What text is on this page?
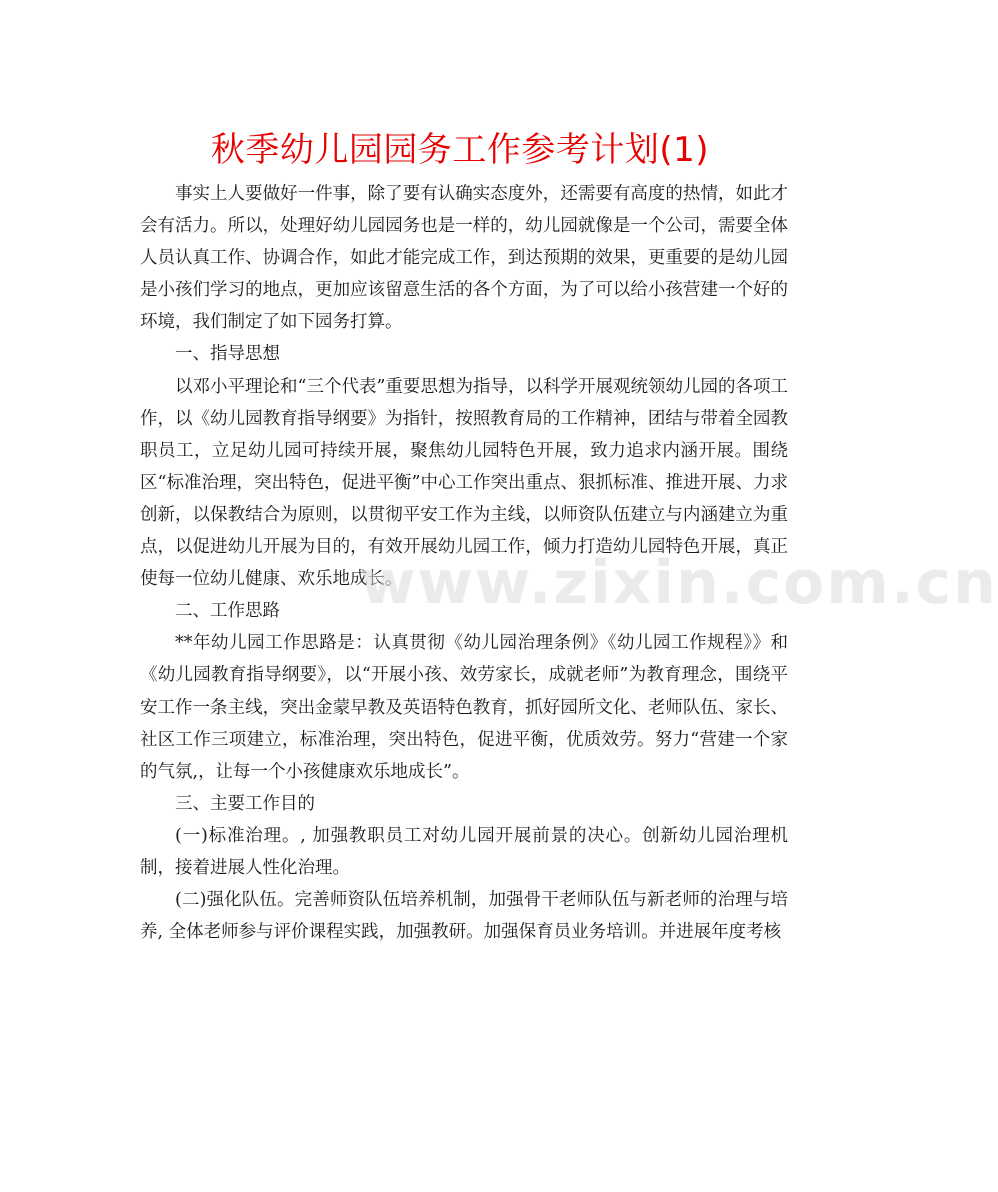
秋季幼儿园园务工作参考计划(1)

事实上人要做好一件事，除了要有认确实态度外，还需要有高度的热情，如此才会有活力。所以，处理好幼儿园园务也是一样的，幼儿园就像是一个公司，需要全体人员认真工作、协调合作，如此才能完成工作，到达预期的效果，更重要的是幼儿园是小孩们学习的地点，更加应该留意生活的各个方面，为了可以给小孩营建一个好的环境，我们制定了如下园务打算。

一、指导思想

以邓小平理论和“三个代表”重要思想为指导，以科学开展观统领幼儿园的各项工作，以《幼儿园教育指导纲要》为指针，按照教育局的工作精神，团结与带着全园教职员工，立足幼儿园可持续开展，聚焦幼儿园特色开展，致力追求内涵开展。围绕区“标准治理，突出特色，促进平衡”中心工作突出重点、狠抓标准、推进开展、力求创新，以保教结合为原则，以贯彻平安工作为主线，以师资队伍建立与内涵建立为重点，以促进幼儿开展为目的，有效开展幼儿园工作，倾力打造幼儿园特色开展，真正使每一位幼儿健康、欢乐地成长。

二、工作思路

**年幼儿园工作思路是：认真贯彻《幼儿园治理条例》《幼儿园工作规程》》和《幼儿园教育指导纲要》，以“开展小孩、效劳家长，成就老师”为教育理念，围绕平安工作一条主线，突出金蒙早教及英语特色教育，抓好园所文化、老师队伍、家长、社区工作三项建立，标准治理，突出特色，促进平衡，优质效劳。努力“营建一个家的气氛,，让每一个小孩健康欢乐地成长”。

三、主要工作目的

(一)标准治理。, 加强教职员工对幼儿园开展前景的决心。创新幼儿园治理机制，接着进展人性化治理。

(二)强化队伍。完善师资队伍培养机制，加强骨干老师队伍与新老师的治理与培养, 全体老师参与评价课程实践，加强教研。加强保育员业务培训。并进展年度考核

www.zixin.com.cn
